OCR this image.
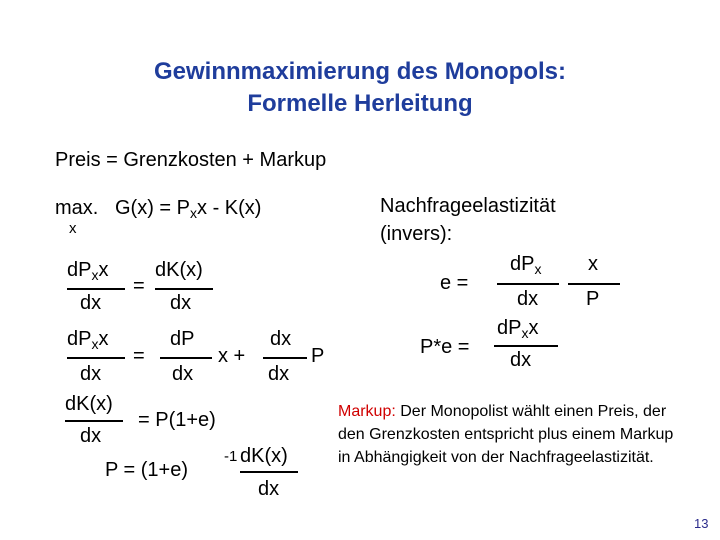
Gewinnmaximierung des Monopols:
Formelle Herleitung
Preis = Grenzkosten + Markup
max.
x
$G(x) = P_xx - K(x)$
$dP_xx$
dx
=
dK(x)
dx
$dP_xx$
dx
=
dP
dx
x +
dx
dx
P
dK(x)
dx
= P(1+e)
P = (1+e)
-1 dK(x)
dx
Nachfrageelastizität
(invers):
e =
$dP_x$
dx
x
P
P*e =
$dP_xx$
dx
Markup: Der Monopolist wählt einen Preis, der den Grenzkosten entspricht plus einem Markup in Abhängigkeit von der Nachfrageelastizität.
13
